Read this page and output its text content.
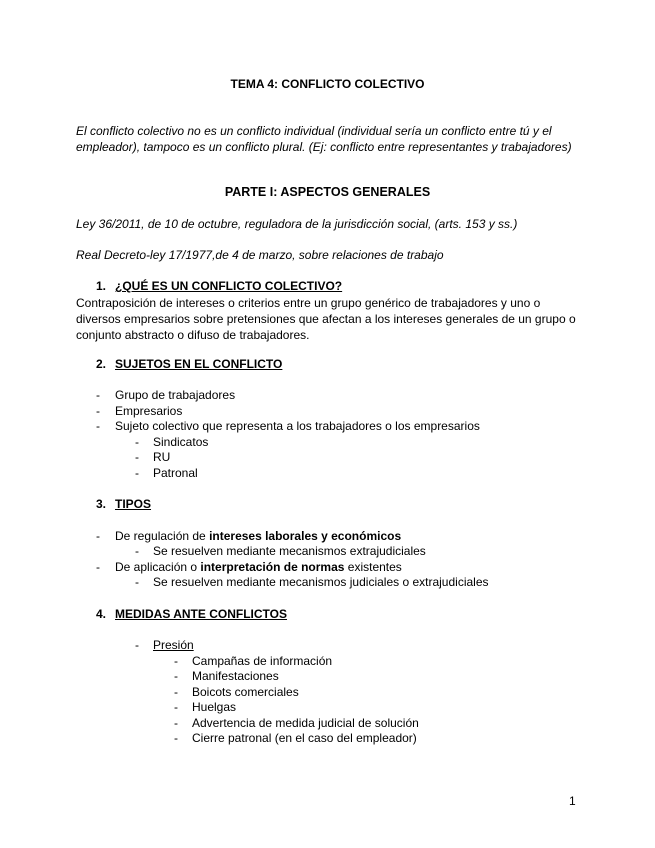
TEMA 4: CONFLICTO COLECTIVO
El conflicto colectivo no es un conflicto individual (individual sería un conflicto entre tú y el empleador), tampoco es un conflicto plural. (Ej: conflicto entre representantes y trabajadores)
PARTE I: ASPECTOS GENERALES
Ley 36/2011, de 10 de octubre, reguladora de la jurisdicción social, (arts. 153 y ss.)
Real Decreto-ley 17/1977,de 4 de marzo, sobre relaciones de trabajo
1. ¿QUÉ ES UN CONFLICTO COLECTIVO?
Contraposición de intereses o criterios entre un grupo genérico de trabajadores y uno o diversos empresarios sobre pretensiones que afectan a los intereses generales de un grupo o conjunto abstracto o difuso de trabajadores.
2. SUJETOS EN EL CONFLICTO
- Grupo de trabajadores
- Empresarios
- Sujeto colectivo que representa a los trabajadores o los empresarios
- Sindicatos
- RU
- Patronal
3. TIPOS
- De regulación de intereses laborales y económicos
- Se resuelven mediante mecanismos extrajudiciales
- De aplicación o interpretación de normas existentes
- Se resuelven mediante mecanismos judiciales o extrajudiciales
4. MEDIDAS ANTE CONFLICTOS
- Presión
- Campañas de información
- Manifestaciones
- Boicots comerciales
- Huelgas
- Advertencia de medida judicial de solución
- Cierre patronal (en el caso del empleador)
1
